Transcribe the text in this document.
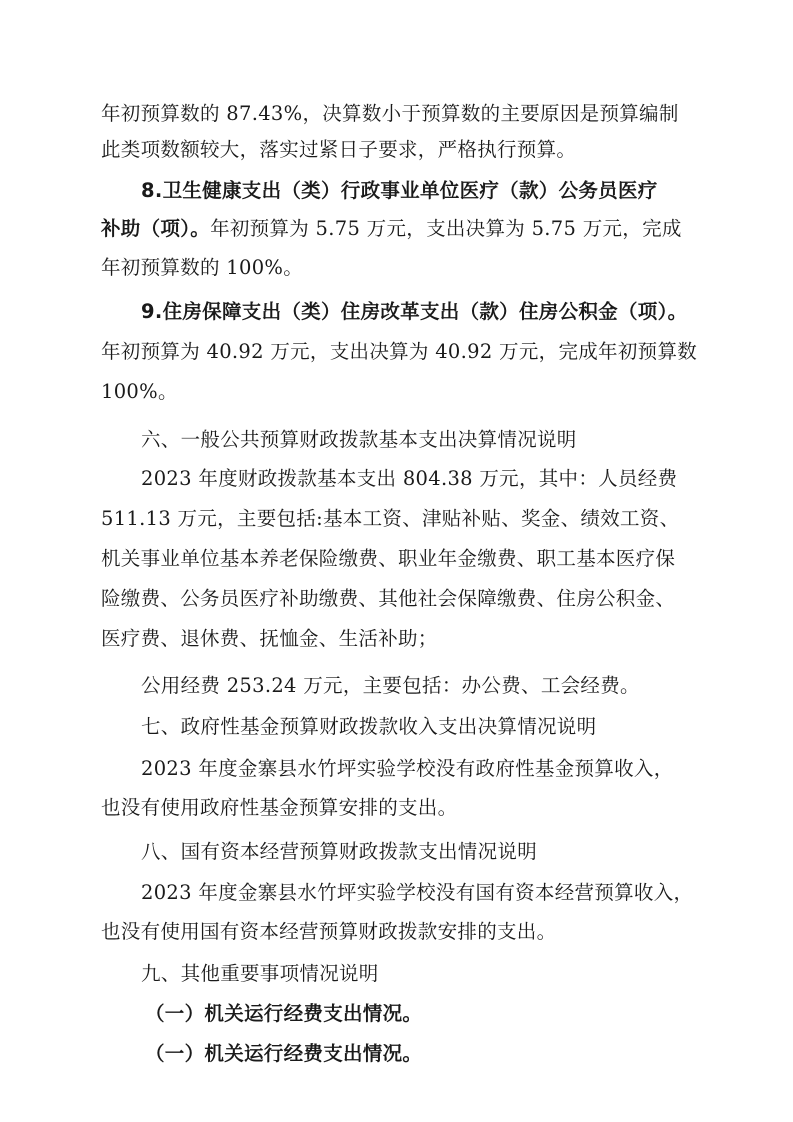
年初预算数的 87.43%，决算数小于预算数的主要原因是预算编制
此类项数额较大，落实过紧日子要求，严格执行预算。
8.卫生健康支出（类）行政事业单位医疗（款）公务员医疗
补助（项）。年初预算为 5.75 万元，支出决算为 5.75 万元，完成
年初预算数的 100%。
9.住房保障支出（类）住房改革支出（款）住房公积金（项）。
年初预算为 40.92 万元，支出决算为 40.92 万元，完成年初预算数
100%。
六、一般公共预算财政拨款基本支出决算情况说明
2023 年度财政拨款基本支出 804.38 万元，其中：人员经费
511.13 万元，主要包括:基本工资、津贴补贴、奖金、绩效工资、
机关事业单位基本养老保险缴费、职业年金缴费、职工基本医疗保
险缴费、公务员医疗补助缴费、其他社会保障缴费、住房公积金、
医疗费、退休费、抚恤金、生活补助；
公用经费 253.24 万元，主要包括：办公费、工会经费。
七、政府性基金预算财政拨款收入支出决算情况说明
2023 年度金寨县水竹坪实验学校没有政府性基金预算收入，
也没有使用政府性基金预算安排的支出。
八、国有资本经营预算财政拨款支出情况说明
2023 年度金寨县水竹坪实验学校没有国有资本经营预算收入，
也没有使用国有资本经营预算财政拨款安排的支出。
九、其他重要事项情况说明
（一）机关运行经费支出情况。
（一）机关运行经费支出情况。
